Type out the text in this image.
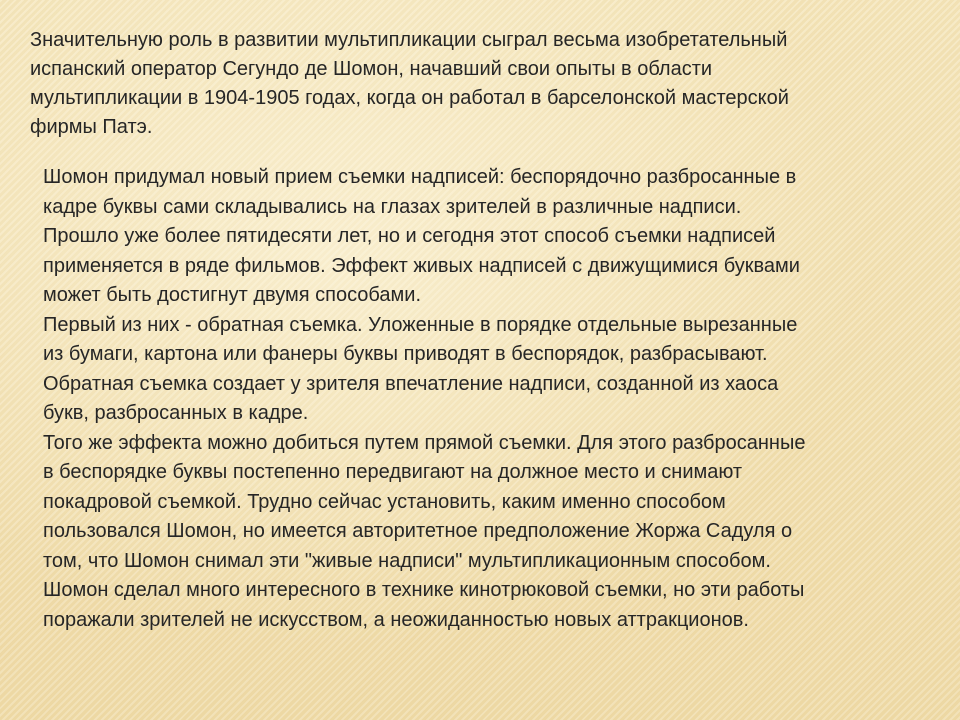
Значительную роль в развитии мультипликации сыграл весьма изобретательный
испанский оператор Сегундо де Шомон, начавший свои опыты в области
мультипликации в 1904-1905 годах, когда он работал в барселонской мастерской
фирмы Патэ.

Шомон придумал новый прием съемки надписей: беспорядочно разбросанные в
кадре буквы сами складывались на глазах зрителей в различные надписи.
Прошло уже более пятидесяти лет, но и сегодня этот способ съемки надписей
применяется в ряде фильмов. Эффект живых надписей с движущимися буквами
может быть достигнут двумя способами.
Первый из них - обратная съемка. Уложенные в порядке отдельные вырезанные
из бумаги, картона или фанеры буквы приводят в беспорядок, разбрасывают.
Обратная съемка создает у зрителя впечатление надписи, созданной из хаоса
букв, разбросанных в кадре.
Того же эффекта можно добиться путем прямой съемки. Для этого разбросанные
в беспорядке буквы постепенно передвигают на должное место и снимают
покадровой съемкой. Трудно сейчас установить, каким именно способом
пользовался Шомон, но имеется авторитетное предположение Жоржа Садуля о
том, что Шомон снимал эти "живые надписи" мультипликационным способом.
Шомон сделал много интересного в технике кинотрюковой съемки, но эти работы
поражали зрителей не искусством, а неожиданностью новых аттракционов.
